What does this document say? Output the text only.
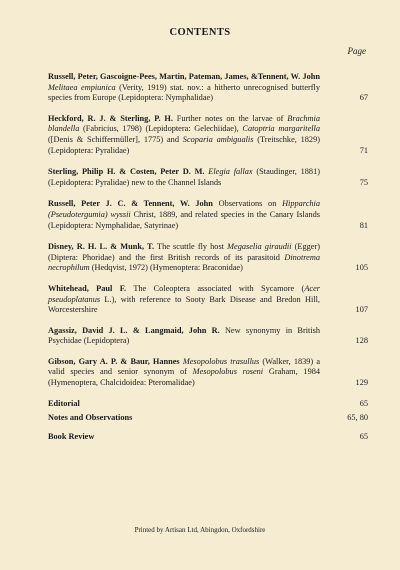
CONTENTS
Page
Russell, Peter, Gascoigne-Pees, Martin, Pateman, James, &Tennent, W. John Melitaea empiunica (Verity, 1919) stat. nov.: a hitherto unrecognised butterfly species from Europe (Lepidoptera: Nymphalidae)	67
Heckford, R. J. & Sterling, P. H. Further notes on the larvae of Brachmia blandella (Fabricius, 1798) (Lepidoptera: Gelechiidae), Catoptria margaritella ([Denis & Schiffermüller], 1775) and Scoparia ambigualis (Treitschke, 1829) (Lepidoptera: Pyralidae)	71
Sterling, Philip H. & Costen, Peter D. M. Elegia fallax (Staudinger, 1881) (Lepidoptera: Pyralidae) new to the Channel Islands	75
Russell, Peter J. C. & Tennent, W. John Observations on Hipparchia (Pseudotergumia) wyssii Christ, 1889, and related species in the Canary Islands (Lepidoptera: Nymphalidae, Satyrinae)	81
Disney, R. H. L. & Munk, T. The scuttle fly host Megaselia giraudii (Egger) (Diptera: Phoridae) and the first British records of its parasitoid Dinotrema necrophilum (Hedqvist, 1972) (Hymenoptera: Braconidae)	105
Whitehead, Paul F. The Coleoptera associated with Sycamore (Acer pseudoplatanus L.), with reference to Sooty Bark Disease and Bredon Hill, Worcestershire	107
Agassiz, David J. L. & Langmaid, John R. New synonymy in British Psychidae (Lepidoptera)	128
Gibson, Gary A. P. & Baur, Hannes Mesopolobus trasullus (Walker, 1839) a valid species and senior synonym of Mesopolobus roseni Graham, 1984 (Hymenoptera, Chalcidoidea: Pteromalidae)	129
Editorial	65
Notes and Observations	65, 80
Book Review	65
Printed by Artisan Ltd, Abingdon, Oxfordshire
